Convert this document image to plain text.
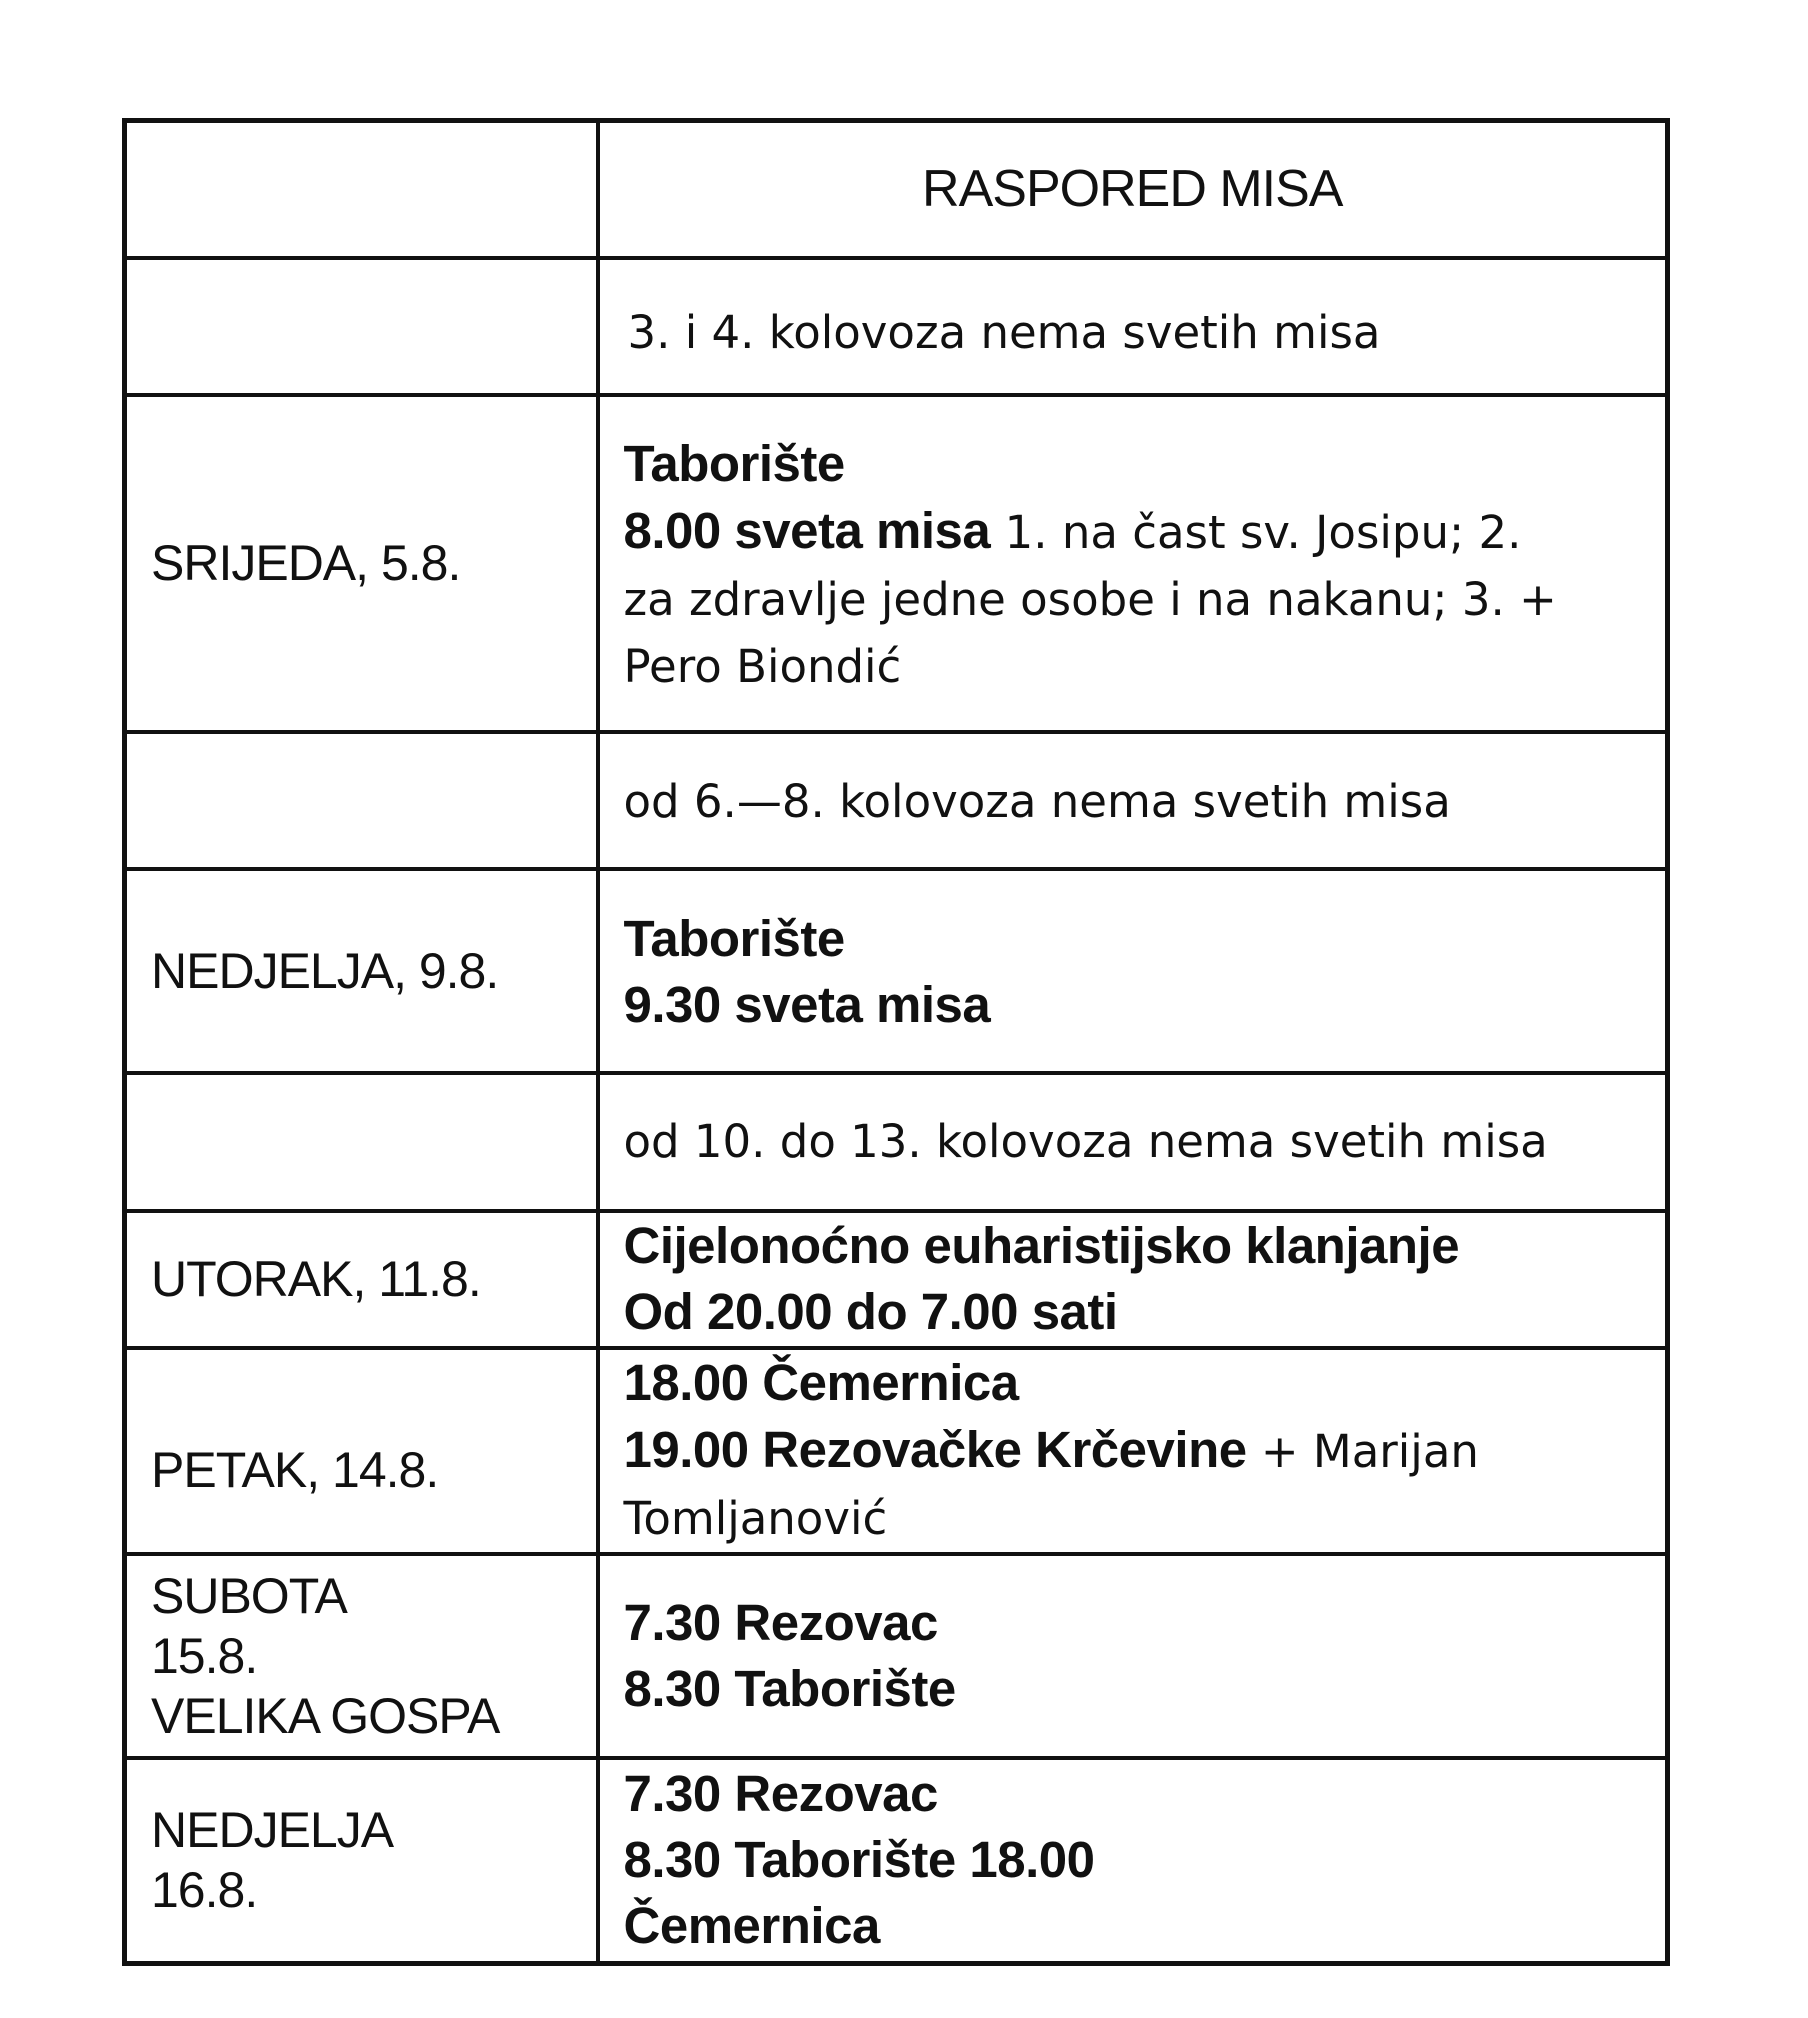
	RASPORED MISA
	3. i 4. kolovoza nema svetih misa
SRIJEDA, 5.8.	Taborište
8.00 sveta misa 1. na čast sv. Josipu; 2.
za zdravlje jedne osobe i na nakanu; 3. +
Pero Biondić

	od 6.—8. kolovoza nema svetih misa
NEDJELJA, 9.8.	Taborište
9.30 sveta misa

	od 10. do 13. kolovoza nema svetih misa
UTORAK, 11.8.	Cijelonoćno euharistijsko klanjanje
Od 20.00 do 7.00 sati

PETAK, 14.8.	18.00 Čemernica
19.00 Rezovačke Krčevine + Marijan
Tomljanović

SUBOTA
15.8.
VELIKA GOSPA	7.30 Rezovac
8.30 Taborište

NEDJELJA
16.8.	7.30 Rezovac
8.30 Taborište 18.00
Čemernica
